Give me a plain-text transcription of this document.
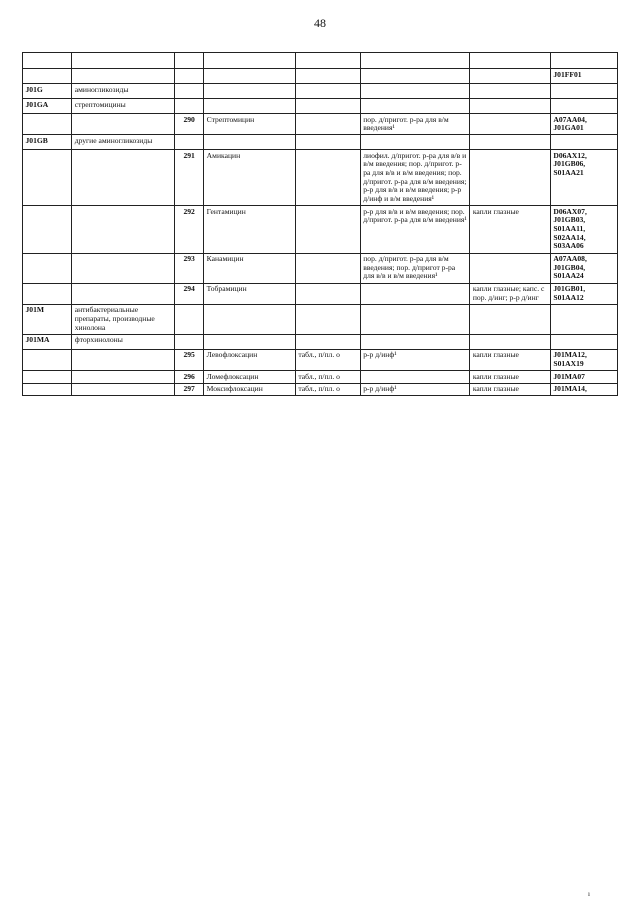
48

							J01FF01
J01G	аминогликозиды						
J01GA	стрептомицины						
		290	Стрептомицин		пор. д/пригот. р-ра для в/м введения¹		A07AA04, J01GA01
J01GB	другие аминогликозиды						
		291	Амикацин		лиофил. д/пригот. р-ра для в/в и в/м введения; пор. д/пригот. р-ра для в/в и в/м введения; пор. д/пригот. р-ра для в/м введения; р-р для в/в и в/м введения; р-р д/инф и в/м введения¹		D06AX12, J01GB06, S01AA21
		292	Гентамицин		р-р для в/в и в/м введения; пор. д/пригот. р-ра для в/м введения¹	капли глазные	D06AX07, J01GB03, S01AA11, S02AA14, S03AA06
		293	Канамицин		пор. д/пригот. р-ра для в/м введения; пор. д/пригот р-ра для в/в и в/м введения¹		A07AA08, J01GB04, S01AA24
		294	Тобрамицин			капли глазные; капс. с пор. д/инг; р-р д/инг	J01GB01, S01AA12
J01M	антибактериальные препараты, производные хинолона						
J01MA	фторхинолоны						
		295	Левофлоксацин	табл., п/пл. о	р-р д/инф¹	капли глазные	J01MA12, S01AX19
		296	Ломефлоксацин	табл., п/пл. о		капли глазные	J01MA07
		297	Моксифлоксацин	табл., п/пл. о	р-р д/инф¹	капли глазные	J01MA14,
ı
